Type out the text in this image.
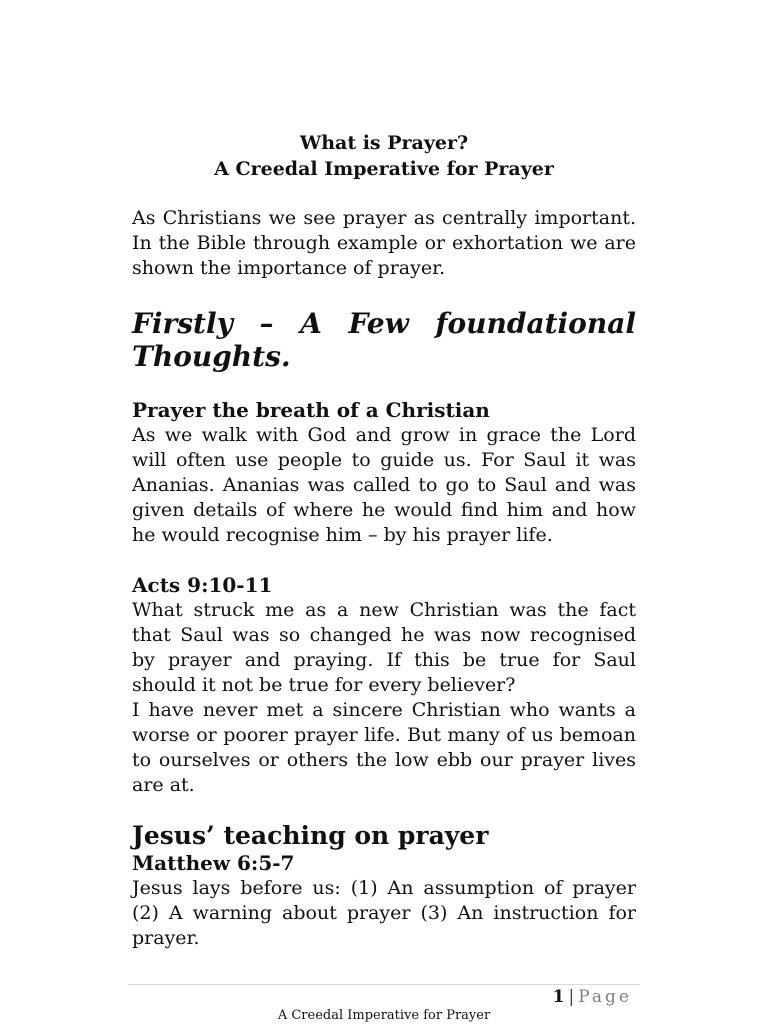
What is Prayer?
A Creedal Imperative for Prayer

As Christians we see prayer as centrally important. In the Bible through example or exhortation we are shown the importance of prayer.

Firstly – A Few foundational Thoughts.

Prayer the breath of a Christian

As we walk with God and grow in grace the Lord will often use people to guide us. For Saul it was Ananias. Ananias was called to go to Saul and was given details of where he would find him and how he would recognise him – by his prayer life.

Acts 9:10-11

What struck me as a new Christian was the fact that Saul was so changed he was now recognised by prayer and praying. If this be true for Saul should it not be true for every believer?

I have never met a sincere Christian who wants a worse or poorer prayer life. But many of us bemoan to ourselves or others the low ebb our prayer lives are at.

Jesus’ teaching on prayer

Matthew 6:5-7

Jesus lays before us: (1) An assumption of prayer (2) A warning about prayer (3) An instruction for prayer.

1 | Page
A Creedal Imperative for Prayer
